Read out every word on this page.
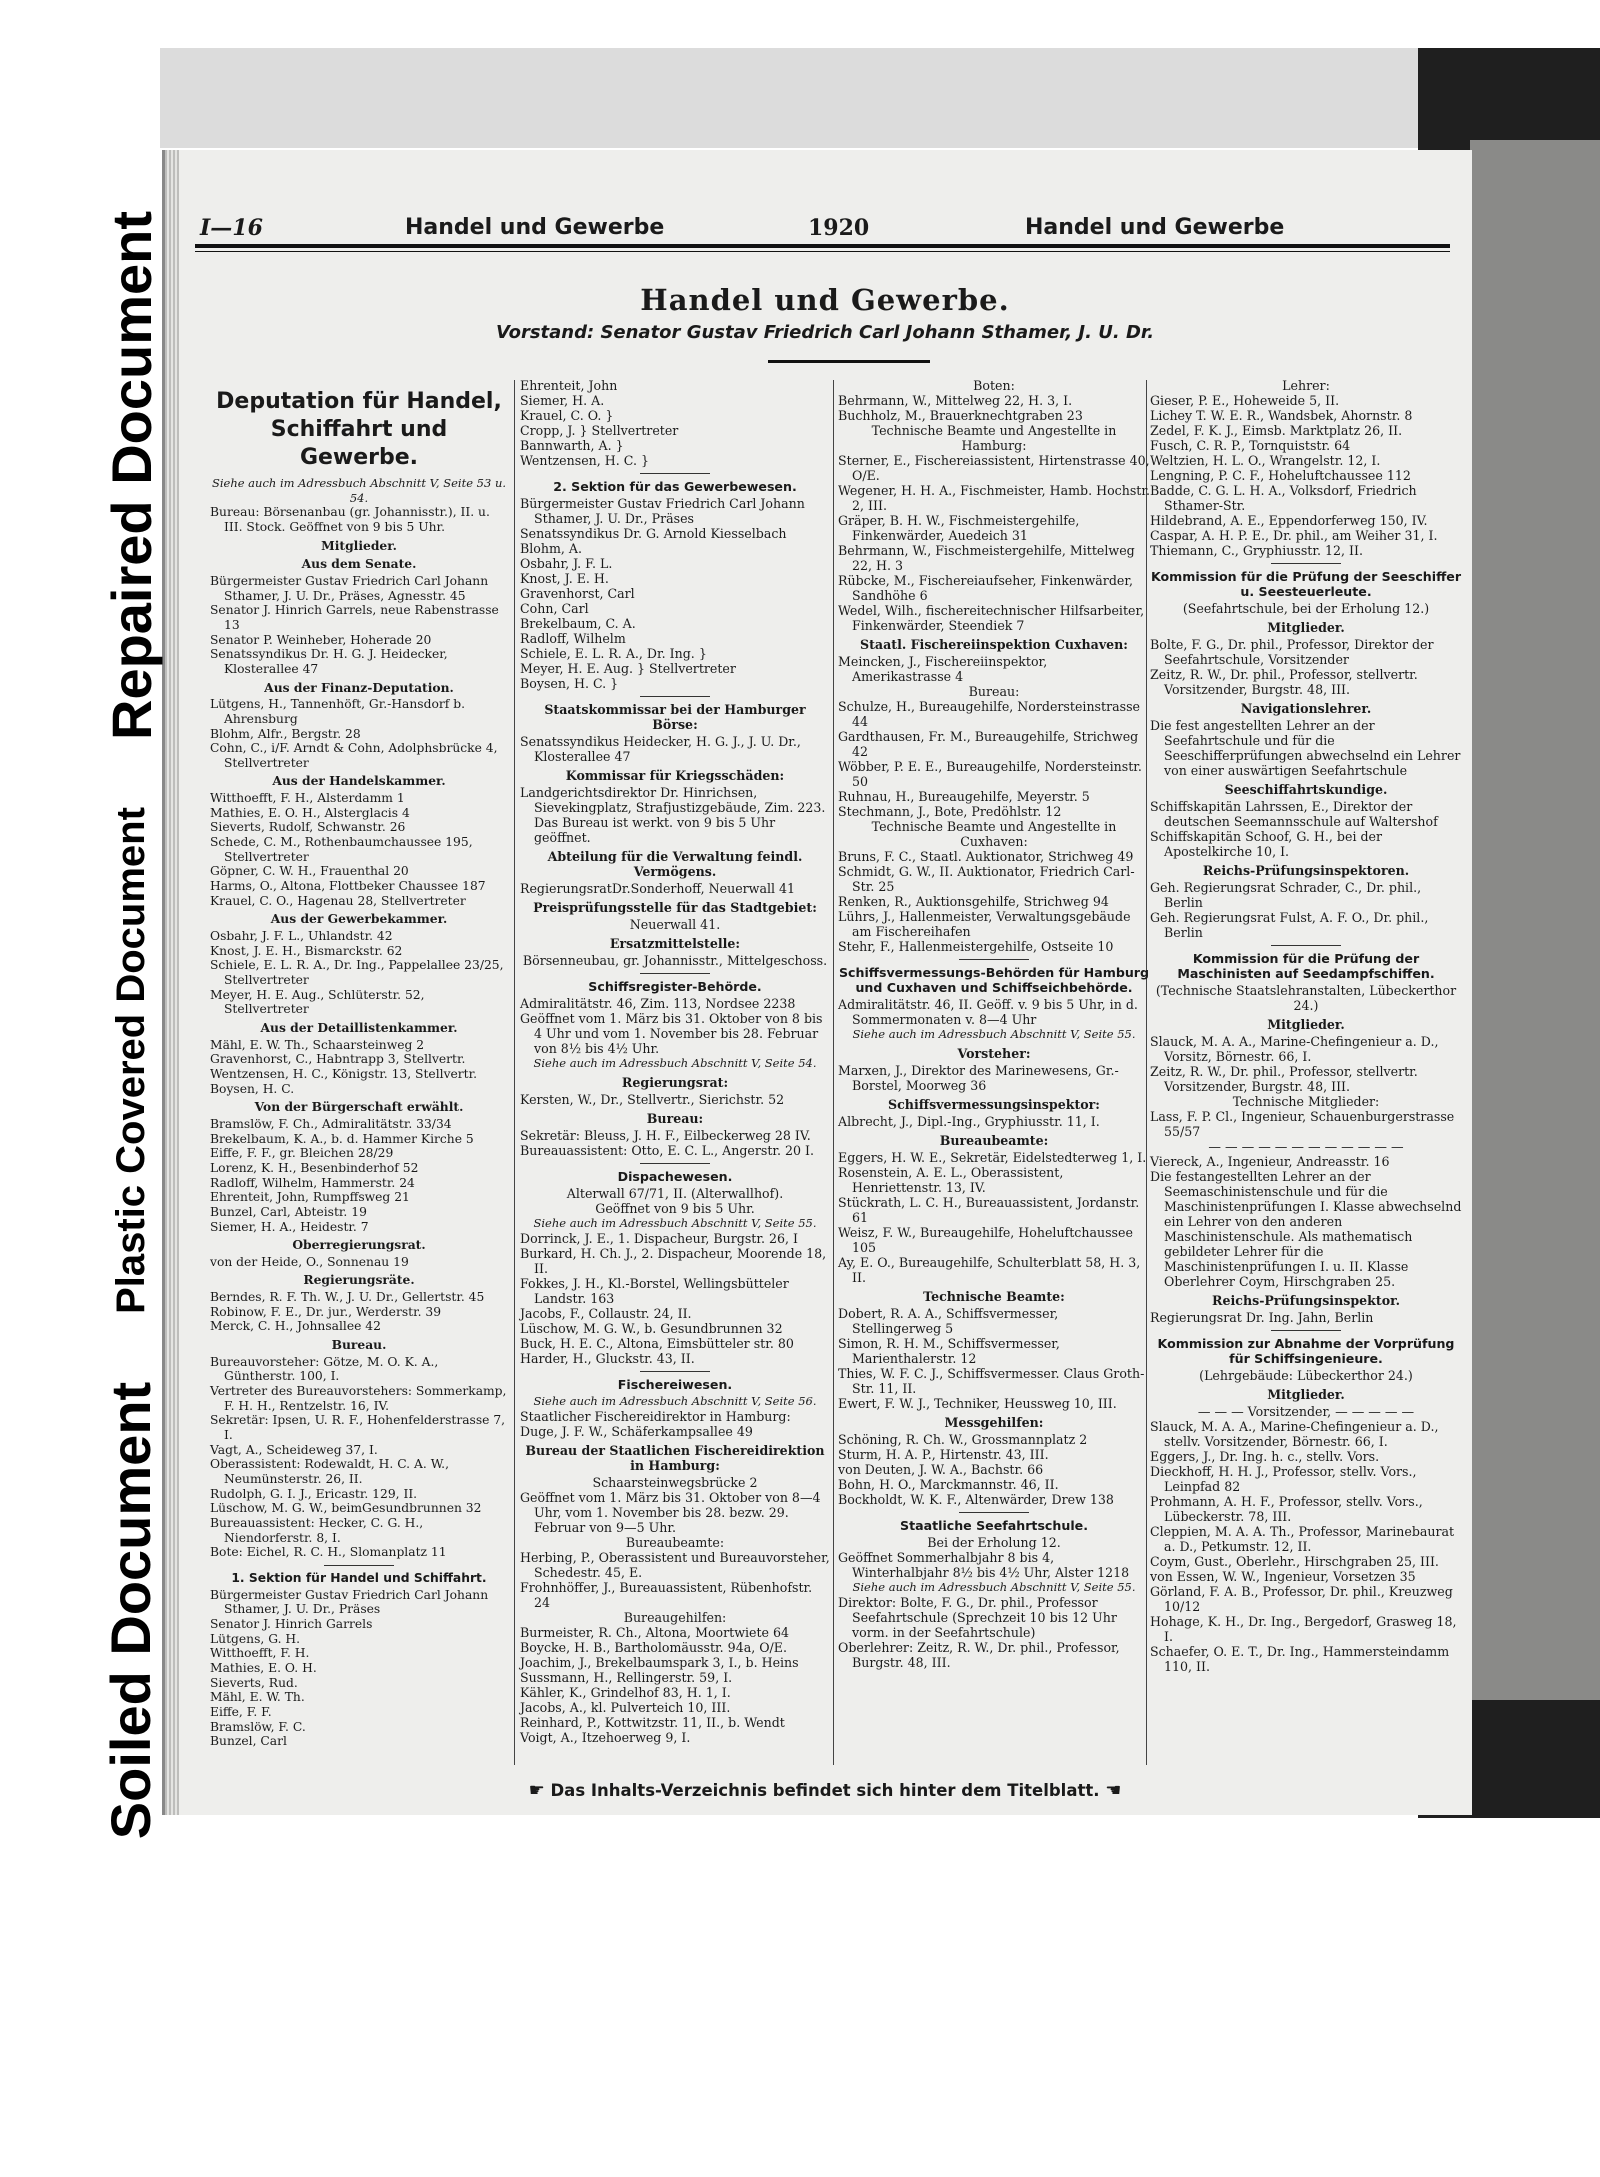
Repaired Document
Plastic Covered Document
Soiled Document
I—16	Handel und Gewerbe	1920	Handel und Gewerbe
Handel und Gewerbe.
Vorstand: Senator Gustav Friedrich Carl Johann Sthamer, J. U. Dr.
Deputation für Handel, Schiffahrt und Gewerbe.
Siehe auch im Adressbuch Abschnitt V, Seite 53 u. 54.
Bureau: Börsenanbau (gr. Johannisstr.), II. u. III. Stock. Geöffnet von 9 bis 5 Uhr.
Mitglieder.
Aus dem Senate.
Bürgermeister Gustav Friedrich Carl Johann Sthamer, J. U. Dr., Präses, Agnesstr. 45
Senator J. Hinrich Garrels, neue Rabenstrasse 13
Senator P. Weinheber, Hoherade 20
Senatssyndikus Dr. H. G. J. Heidecker, Klosterallee 47
Aus der Finanz-Deputation.
Lütgens, H., Tannenhöft, Gr.-Hansdorf b. Ahrensburg
Blohm, Alfr., Bergstr. 28
Cohn, C., i/F. Arndt & Cohn, Adolphsbrücke 4, Stellvertreter
Aus der Handelskammer.
Witthoefft, F. H., Alsterdamm 1
Mathies, E. O. H., Alsterglacis 4
Sieverts, Rudolf, Schwanstr. 26
Schede, C. M., Rothenbaumchaussee 195, Stellvertreter
Göpner, C. W. H., Frauenthal 20
Harms, O., Altona, Flottbeker Chaussee 187
Krauel, C. O., Hagenau 28, Stellvertreter
Aus der Gewerbekammer.
Osbahr, J. F. L., Uhlandstr. 42
Knost, J. E. H., Bismarckstr. 62
Schiele, E. L. R. A., Dr. Ing., Pappelallee 23/25, Stellvertreter
Meyer, H. E. Aug., Schlüterstr. 52, Stellvertreter
Aus der Detaillistenkammer.
Mähl, E. W. Th., Schaarsteinweg 2
Gravenhorst, C., Habntrapp 3, Stellvertr.
Wentzensen, H. C., Königstr. 13, Stellvertr.
Boysen, H. C.
Von der Bürgerschaft erwählt.
Bramslöw, F. Ch., Admiralitätstr. 33/34
Brekelbaum, K. A., b. d. Hammer Kirche 5
Eiffe, F. F., gr. Bleichen 28/29
Lorenz, K. H., Besenbinderhof 52
Radloff, Wilhelm, Hammerstr. 24
Ehrenteit, John, Rumpffsweg 21
Bunzel, Carl, Abteistr. 19
Siemer, H. A., Heidestr. 7
Oberregierungsrat.
von der Heide, O., Sonnenau 19
Regierungsräte.
Berndes, R. F. Th. W., J. U. Dr., Gellertstr. 45
Robinow, F. E., Dr. jur., Werderstr. 39
Merck, C. H., Johnsallee 42
Bureau.
Bureauvorsteher: Götze, M. O. K. A., Güntherstr. 100, I.
Vertreter des Bureauvorstehers: Sommerkamp, F. H. H., Rentzelstr. 16, IV.
Sekretär: Ipsen, U. R. F., Hohenfelderstrasse 7, I.
Vagt, A., Scheideweg 37, I.
Oberassistent: Rodewaldt, H. C. A. W., Neumünsterstr. 26, II.
Rudolph, G. I. J., Ericastr. 129, II.
Lüschow, M. G. W., beimGesundbrunnen 32
Bureauassistent: Hecker, C. G. H., Niendorferstr. 8, I.
Bote: Eichel, R. C. H., Slomanplatz 11
1. Sektion für Handel und Schiffahrt.
Bürgermeister Gustav Friedrich Carl Johann Sthamer, J. U. Dr., Präses
Senator J. Hinrich Garrels
Lütgens, G. H.
Witthoefft, F. H.
Mathies, E. O. H.
Sieverts, Rud.
Mähl, E. W. Th.
Eiffe, F. F.
Bramslöw, F. C.
Bunzel, Carl
Ehrenteit, John
Siemer, H. A.
Krauel, C. O. }
Cropp, J. } Stellvertreter
Bannwarth, A. }
Wentzensen, H. C. }
2. Sektion für das Gewerbewesen.
Bürgermeister Gustav Friedrich Carl Johann Sthamer, J. U. Dr., Präses
Senatssyndikus Dr. G. Arnold Kiesselbach
Blohm, A.
Osbahr, J. F. L.
Knost, J. E. H.
Gravenhorst, Carl
Cohn, Carl
Brekelbaum, C. A.
Radloff, Wilhelm
Schiele, E. L. R. A., Dr. Ing. }
Meyer, H. E. Aug. } Stellvertreter
Boysen, H. C. }
Staatskommissar bei der Hamburger Börse:
Senatssyndikus Heidecker, H. G. J., J. U. Dr., Klosterallee 47
Kommissar für Kriegsschäden:
Landgerichtsdirektor Dr. Hinrichsen, Sievekingplatz, Strafjustizgebäude, Zim. 223. Das Bureau ist werkt. von 9 bis 5 Uhr geöffnet.
Abteilung für die Verwaltung feindl. Vermögens.
RegierungsratDr.Sonderhoff, Neuerwall 41
Preisprüfungsstelle für das Stadtgebiet:
Neuerwall 41.
Ersatzmittelstelle:
Börsenneubau, gr. Johannisstr., Mittelgeschoss.
Schiffsregister-Behörde.
Admiralitätstr. 46, Zim. 113, Nordsee 2238
Geöffnet vom 1. März bis 31. Oktober von 8 bis 4 Uhr und vom 1. November bis 28. Februar von 8½ bis 4½ Uhr.
Siehe auch im Adressbuch Abschnitt V, Seite 54.
Regierungsrat:
Kersten, W., Dr., Stellvertr., Sierichstr. 52
Bureau:
Sekretär: Bleuss, J. H. F., Eilbeckerweg 28 IV.
Bureauassistent: Otto, E. C. L., Angerstr. 20 I.
Dispachewesen.
Alterwall 67/71, II. (Alterwallhof).
Geöffnet von 9 bis 5 Uhr.
Siehe auch im Adressbuch Abschnitt V, Seite 55.
Dorrinck, J. E., 1. Dispacheur, Burgstr. 26, I
Burkard, H. Ch. J., 2. Dispacheur, Moorende 18, II.
Fokkes, J. H., Kl.-Borstel, Wellingsbütteler Landstr. 163
Jacobs, F., Collaustr. 24, II.
Lüschow, M. G. W., b. Gesundbrunnen 32
Buck, H. E. C., Altona, Eimsbütteler str. 80
Harder, H., Gluckstr. 43, II.
Fischereiwesen.
Siehe auch im Adressbuch Abschnitt V, Seite 56.
Staatlicher Fischereidirektor in Hamburg:
Duge, J. F. W., Schäferkampsallee 49
Bureau der Staatlichen Fischereidirektion in Hamburg:
Schaarsteinwegsbrücke 2
Geöffnet vom 1. März bis 31. Oktober von 8—4 Uhr, vom 1. November bis 28. bezw. 29. Februar von 9—5 Uhr.
Bureaubeamte:
Herbing, P., Oberassistent und Bureauvorsteher, Schedestr. 45, E.
Frohnhöffer, J., Bureauassistent, Rübenhofstr. 24
Bureaugehilfen:
Burmeister, R. Ch., Altona, Moortwiete 64
Boycke, H. B., Bartholomäusstr. 94a, O/E.
Joachim, J., Brekelbaumspark 3, I., b. Heins
Sussmann, H., Rellingerstr. 59, I.
Kähler, K., Grindelhof 83, H. 1, I.
Jacobs, A., kl. Pulverteich 10, III.
Reinhard, P., Kottwitzstr. 11, II., b. Wendt
Voigt, A., Itzehoerweg 9, I.
Boten:
Behrmann, W., Mittelweg 22, H. 3, I.
Buchholz, M., Brauerknechtgraben 23
Technische Beamte und Angestellte in Hamburg:
Sterner, E., Fischereiassistent, Hirtenstrasse 40, O/E.
Wegener, H. H. A., Fischmeister, Hamb. Hochstr. 2, III.
Gräper, B. H. W., Fischmeistergehilfe, Finkenwärder, Auedeich 31
Behrmann, W., Fischmeistergehilfe, Mittelweg 22, H. 3
Rübcke, M., Fischereiaufseher, Finkenwärder, Sandhöhe 6
Wedel, Wilh., fischereitechnischer Hilfsarbeiter, Finkenwärder, Steendiek 7
Staatl. Fischereiinspektion Cuxhaven:
Meincken, J., Fischereiinspektor, Amerikastrasse 4
Bureau:
Schulze, H., Bureaugehilfe, Nordersteinstrasse 44
Gardthausen, Fr. M., Bureaugehilfe, Strichweg 42
Wöbber, P. E. E., Bureaugehilfe, Nordersteinstr. 50
Ruhnau, H., Bureaugehilfe, Meyerstr. 5
Stechmann, J., Bote, Predöhlstr. 12
Technische Beamte und Angestellte in Cuxhaven:
Bruns, F. C., Staatl. Auktionator, Strichweg 49
Schmidt, G. W., II. Auktionator, Friedrich Carl-Str. 25
Renken, R., Auktionsgehilfe, Strichweg 94
Lührs, J., Hallenmeister, Verwaltungsgebäude am Fischereihafen
Stehr, F., Hallenmeistergehilfe, Ostseite 10
Schiffsvermessungs-Behörden für Hamburg und Cuxhaven und Schiffseichbehörde.
Admiralitätstr. 46, II. Geöff. v. 9 bis 5 Uhr, in d. Sommermonaten v. 8—4 Uhr
Siehe auch im Adressbuch Abschnitt V, Seite 55.
Vorsteher:
Marxen, J., Direktor des Marinewesens, Gr.-Borstel, Moorweg 36
Schiffsvermessungsinspektor:
Albrecht, J., Dipl.-Ing., Gryphiusstr. 11, I.
Bureaubeamte:
Eggers, H. W. E., Sekretär, Eidelstedterweg 1, I.
Rosenstein, A. E. L., Oberassistent, Henriettenstr. 13, IV.
Stückrath, L. C. H., Bureauassistent, Jordanstr. 61
Weisz, F. W., Bureaugehilfe, Hoheluftchaussee 105
Ay, E. O., Bureaugehilfe, Schulterblatt 58, H. 3, II.
Technische Beamte:
Dobert, R. A. A., Schiffsvermesser, Stellingerweg 5
Simon, R. H. M., Schiffsvermesser, Marienthalerstr. 12
Thies, W. F. C. J., Schiffsvermesser. Claus Groth-Str. 11, II.
Ewert, F. W. J., Techniker, Heussweg 10, III.
Messgehilfen:
Schöning, R. Ch. W., Grossmannplatz 2
Sturm, H. A. P., Hirtenstr. 43, III.
von Deuten, J. W. A., Bachstr. 66
Bohn, H. O., Marckmannstr. 46, II.
Bockholdt, W. K. F., Altenwärder, Drew 138
Staatliche Seefahrtschule.
Bei der Erholung 12.
Geöffnet Sommerhalbjahr 8 bis 4, Winterhalbjahr 8½ bis 4½ Uhr, Alster 1218
Siehe auch im Adressbuch Abschnitt V, Seite 55.
Direktor: Bolte, F. G., Dr. phil., Professor Seefahrtschule (Sprechzeit 10 bis 12 Uhr vorm. in der Seefahrtschule)
Oberlehrer: Zeitz, R. W., Dr. phil., Professor, Burgstr. 48, III.
Lehrer:
Gieser, P. E., Hoheweide 5, II.
Lichey T. W. E. R., Wandsbek, Ahornstr. 8
Zedel, F. K. J., Eimsb. Marktplatz 26, II.
Fusch, C. R. P., Tornquiststr. 64
Weltzien, H. L. O., Wrangelstr. 12, I.
Lengning, P. C. F., Hoheluftchaussee 112
Badde, C. G. L. H. A., Volksdorf, Friedrich Sthamer-Str.
Hildebrand, A. E., Eppendorferweg 150, IV.
Caspar, A. H. P. E., Dr. phil., am Weiher 31, I.
Thiemann, C., Gryphiusstr. 12, II.
Kommission für die Prüfung der Seeschiffer u. Seesteuerleute.
(Seefahrtschule, bei der Erholung 12.)
Mitglieder.
Bolte, F. G., Dr. phil., Professor, Direktor der Seefahrtschule, Vorsitzender
Zeitz, R. W., Dr. phil., Professor, stellvertr. Vorsitzender, Burgstr. 48, III.
Navigationslehrer.
Die fest angestellten Lehrer an der Seefahrtschule und für die Seeschifferprüfungen abwechselnd ein Lehrer von einer auswärtigen Seefahrtschule
Seeschiffahrtskundige.
Schiffskapitän Lahrssen, E., Direktor der deutschen Seemannsschule auf Waltershof
Schiffskapitän Schoof, G. H., bei der Apostelkirche 10, I.
Reichs-Prüfungsinspektoren.
Geh. Regierungsrat Schrader, C., Dr. phil., Berlin
Geh. Regierungsrat Fulst, A. F. O., Dr. phil., Berlin
Kommission für die Prüfung der Maschinisten auf Seedampfschiffen.
(Technische Staatslehranstalten, Lübeckerthor 24.)
Mitglieder.
Slauck, M. A. A., Marine-Chefingenieur a. D., Vorsitz, Börnestr. 66, I.
Zeitz, R. W., Dr. phil., Professor, stellvertr. Vorsitzender, Burgstr. 48, III.
Technische Mitglieder:
Lass, F. P. Cl., Ingenieur, Schauenburgerstrasse 55/57
— — — — — — — — — — — —
Viereck, A., Ingenieur, Andreasstr. 16
Die festangestellten Lehrer an der Seemaschinistenschule und für die Maschinistenprüfungen I. Klasse abwechselnd ein Lehrer von den anderen Maschinistenschule. Als mathematisch gebildeter Lehrer für die Maschinistenprüfungen I. u. II. Klasse Oberlehrer Coym, Hirschgraben 25.
Reichs-Prüfungsinspektor.
Regierungsrat Dr. Ing. Jahn, Berlin
Kommission zur Abnahme der Vorprüfung für Schiffsingenieure.
(Lehrgebäude: Lübeckerthor 24.)
Mitglieder.
— — — Vorsitzender, — — — — —
Slauck, M. A. A., Marine-Chefingenieur a. D., stellv. Vorsitzender, Börnestr. 66, I.
Eggers, J., Dr. Ing. h. c., stellv. Vors.
Dieckhoff, H. H. J., Professor, stellv. Vors., Leinpfad 82
Prohmann, A. H. F., Professor, stellv. Vors., Lübeckerstr. 78, III.
Cleppien, M. A. A. Th., Professor, Marinebaurat a. D., Petkumstr. 12, II.
Coym, Gust., Oberlehr., Hirschgraben 25, III.
von Essen, W. W., Ingenieur, Vorsetzen 35
Görland, F. A. B., Professor, Dr. phil., Kreuzweg 10/12
Hohage, K. H., Dr. Ing., Bergedorf, Grasweg 18, I.
Schaefer, O. E. T., Dr. Ing., Hammersteindamm 110, II.
☛ Das Inhalts-Verzeichnis befindet sich hinter dem Titelblatt. ☚
